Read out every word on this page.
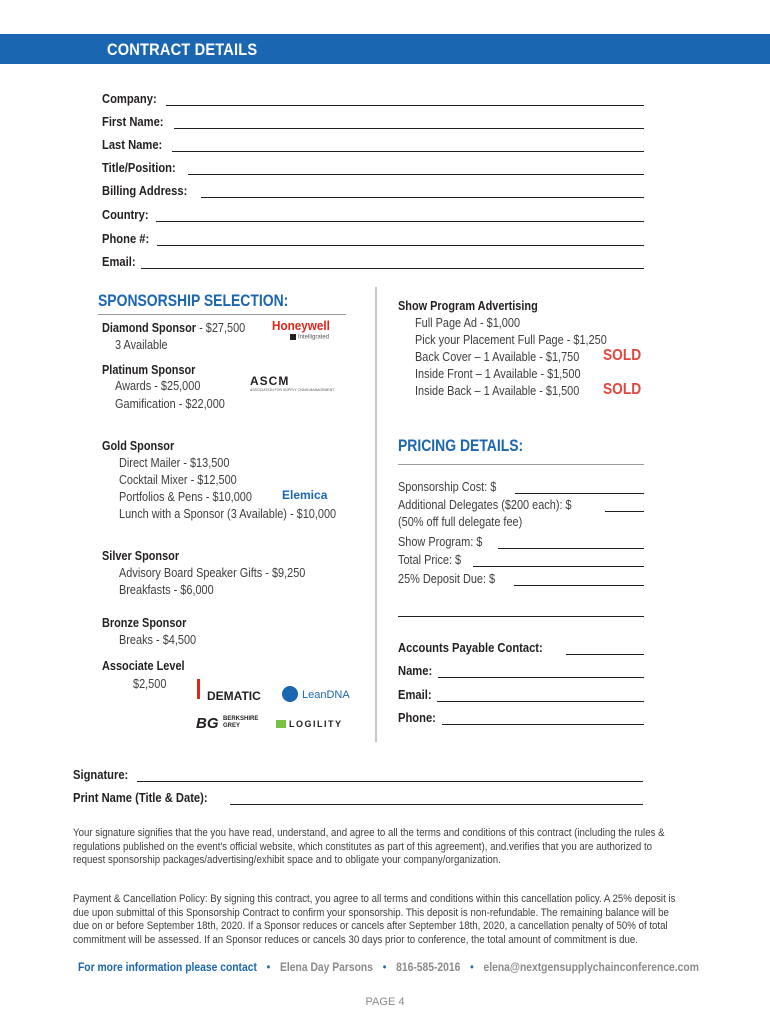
CONTRACT DETAILS
Company:
First Name:
Last Name:
Title/Position:
Billing Address:
Country:
Phone #:
Email:
SPONSORSHIP SELECTION:
Diamond Sponsor - $27,500
3 Available
Honeywell
Intelligrated
Platinum Sponsor
Awards - $25,000
Gamification - $22,000
ASCM
ASSOCIATION FOR SUPPLY CHAIN MANAGEMENT
Gold Sponsor
Direct Mailer - $13,500
Cocktail Mixer - $12,500
Portfolios & Pens - $10,000
Lunch with a Sponsor (3 Available) - $10,000
Elemica
Silver Sponsor
Advisory Board Speaker Gifts - $9,250
Breakfasts - $6,000
Bronze Sponsor
Breaks - $4,500
Associate Level
$2,500
DEMATIC	LeanDNA
BG BERKSHIRE GREY	LOGILITY
Show Program Advertising
Full Page Ad - $1,000
Pick your Placement Full Page - $1,250
Back Cover – 1 Available - $1,750 SOLD
Inside Front – 1 Available - $1,500
Inside Back – 1 Available - $1,500 SOLD
PRICING DETAILS:
Sponsorship Cost: $
Additional Delegates ($200 each): $
(50% off full delegate fee)
Show Program: $
Total Price: $
25% Deposit Due: $
Accounts Payable Contact:
Name:
Email:
Phone:
Signature:
Print Name (Title & Date):
Your signature signifies that the you have read, understand, and agree to all the terms and conditions of this contract (including the rules & regulations published on the event's official website, which constitutes as part of this agreement), and.verifies that you are authorized to request sponsorship packages/advertising/exhibit space and to obligate your company/organization.
Payment & Cancellation Policy: By signing this contract, you agree to all terms and conditions within this cancellation policy. A 25% deposit is due upon submittal of this Sponsorship Contract to confirm your sponsorship. This deposit is non-refundable. The remaining balance will be due on or before September 18th, 2020. If a Sponsor reduces or cancels after September 18th, 2020, a cancellation penalty of 50% of total commitment will be assessed. If an Sponsor reduces or cancels 30 days prior to conference, the total amount of commitment is due.
For more information please contact • Elena Day Parsons • 816-585-2016 • elena@nextgensupplychainconference.com
PAGE 4
